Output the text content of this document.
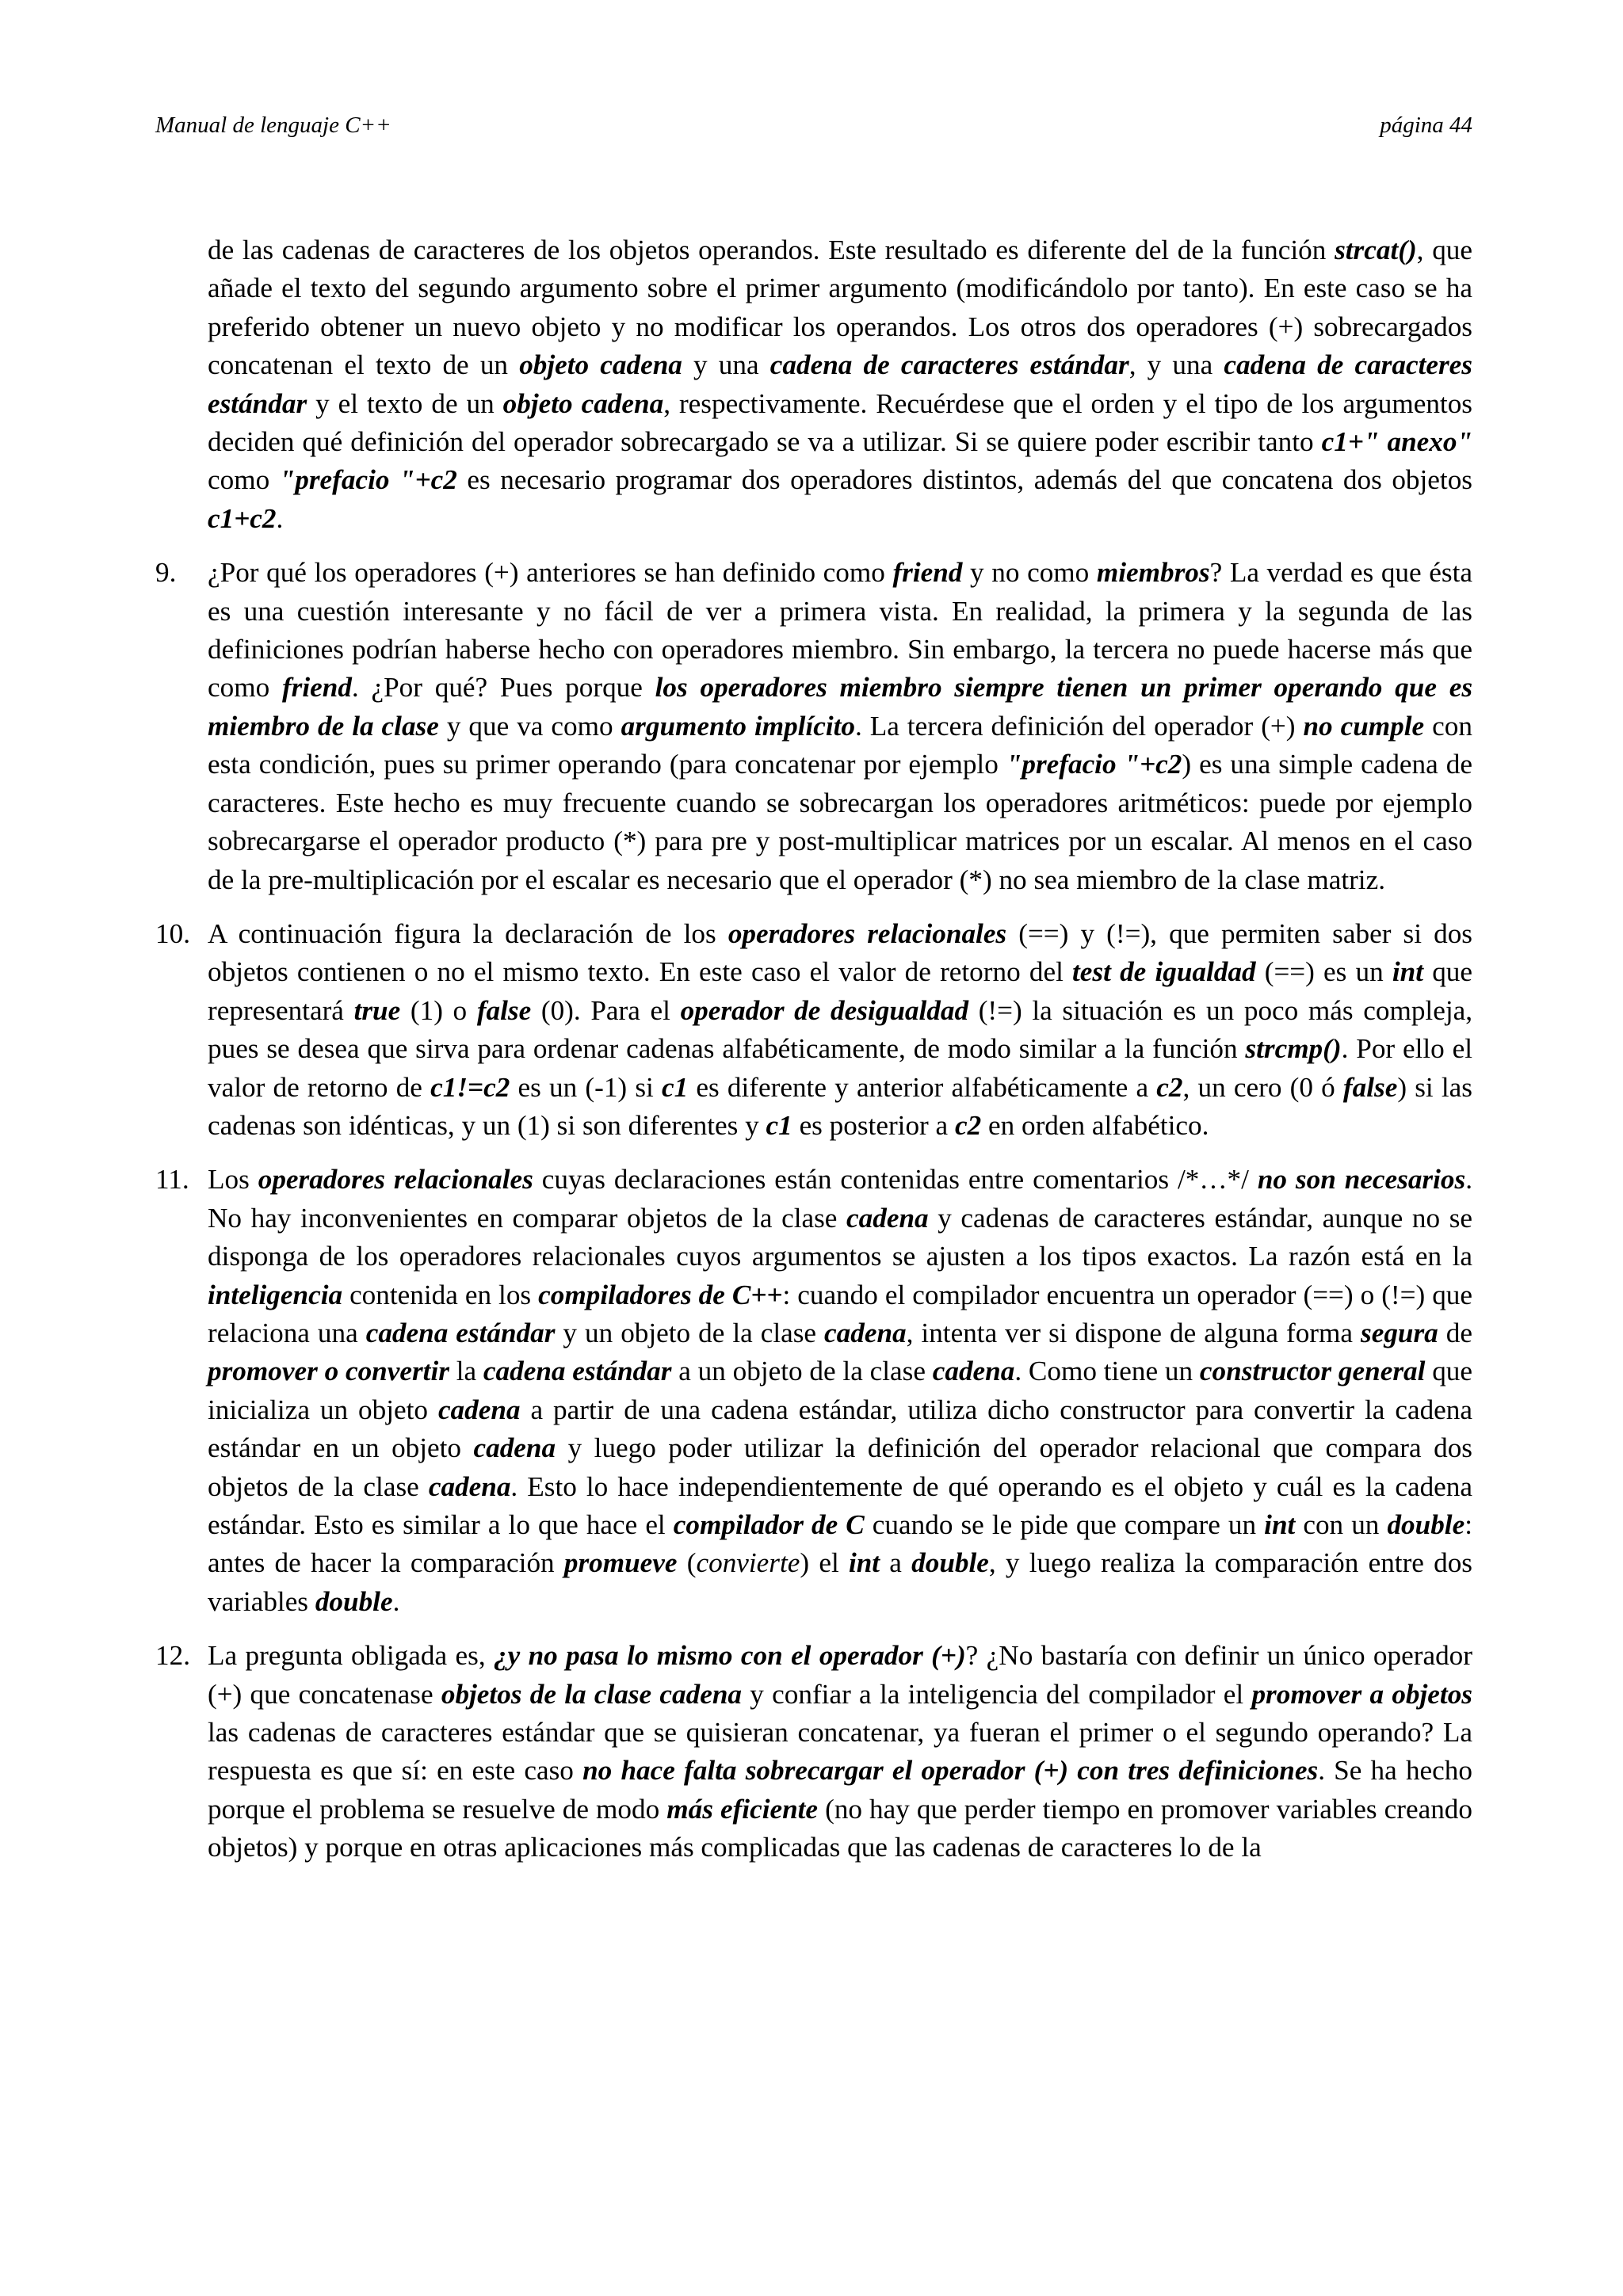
Manual de lenguaje C++	página 44

de las cadenas de caracteres de los objetos operandos. Este resultado es diferente del de la función strcat(), que añade el texto del segundo argumento sobre el primer argumento (modificándolo por tanto). En este caso se ha preferido obtener un nuevo objeto y no modificar los operandos. Los otros dos operadores (+) sobrecargados concatenan el texto de un objeto cadena y una cadena de caracteres estándar, y una cadena de caracteres estándar y el texto de un objeto cadena, respectivamente. Recuérdese que el orden y el tipo de los argumentos deciden qué definición del operador sobrecargado se va a utilizar. Si se quiere poder escribir tanto c1+" anexo" como "prefacio "+c2 es necesario programar dos operadores distintos, además del que concatena dos objetos c1+c2.

9.	¿Por qué los operadores (+) anteriores se han definido como friend y no como miembros? La verdad es que ésta es una cuestión interesante y no fácil de ver a primera vista. En realidad, la primera y la segunda de las definiciones podrían haberse hecho con operadores miembro. Sin embargo, la tercera no puede hacerse más que como friend. ¿Por qué? Pues porque los operadores miembro siempre tienen un primer operando que es miembro de la clase y que va como argumento implícito. La tercera definición del operador (+) no cumple con esta condición, pues su primer operando (para concatenar por ejemplo "prefacio "+c2) es una simple cadena de caracteres. Este hecho es muy frecuente cuando se sobrecargan los operadores aritméticos: puede por ejemplo sobrecargarse el operador producto (*) para pre y post-multiplicar matrices por un escalar. Al menos en el caso de la pre-multiplicación por el escalar es necesario que el operador (*) no sea miembro de la clase matriz.
10. A continuación figura la declaración de los operadores relacionales (==) y (!=), que permiten saber si dos objetos contienen o no el mismo texto. En este caso el valor de retorno del test de igualdad (==) es un int que representará true (1) o false (0). Para el operador de desigualdad (!=) la situación es un poco más compleja, pues se desea que sirva para ordenar cadenas alfabéticamente, de modo similar a la función strcmp(). Por ello el valor de retorno de c1!=c2 es un (-1) si c1 es diferente y anterior alfabéticamente a c2, un cero (0 ó false) si las cadenas son idénticas, y un (1) si son diferentes y c1 es posterior a c2 en orden alfabético.
11. Los operadores relacionales cuyas declaraciones están contenidas entre comentarios /*…*/ no son necesarios. No hay inconvenientes en comparar objetos de la clase cadena y cadenas de caracteres estándar, aunque no se disponga de los operadores relacionales cuyos argumentos se ajusten a los tipos exactos. La razón está en la inteligencia contenida en los compiladores de C++: cuando el compilador encuentra un operador (==) o (!=) que relaciona una cadena estándar y un objeto de la clase cadena, intenta ver si dispone de alguna forma segura de promover o convertir la cadena estándar a un objeto de la clase cadena. Como tiene un constructor general que inicializa un objeto cadena a partir de una cadena estándar, utiliza dicho constructor para convertir la cadena estándar en un objeto cadena y luego poder utilizar la definición del operador relacional que compara dos objetos de la clase cadena. Esto lo hace independientemente de qué operando es el objeto y cuál es la cadena estándar. Esto es similar a lo que hace el compilador de C cuando se le pide que compare un int con un double: antes de hacer la comparación promueve (convierte) el int a double, y luego realiza la comparación entre dos variables double.
12. La pregunta obligada es, ¿y no pasa lo mismo con el operador (+)? ¿No bastaría con definir un único operador (+) que concatenase objetos de la clase cadena y confiar a la inteligencia del compilador el promover a objetos las cadenas de caracteres estándar que se quisieran concatenar, ya fueran el primer o el segundo operando? La respuesta es que sí: en este caso no hace falta sobrecargar el operador (+) con tres definiciones. Se ha hecho porque el problema se resuelve de modo más eficiente (no hay que perder tiempo en promover variables creando objetos) y porque en otras aplicaciones más complicadas que las cadenas de caracteres lo de la
